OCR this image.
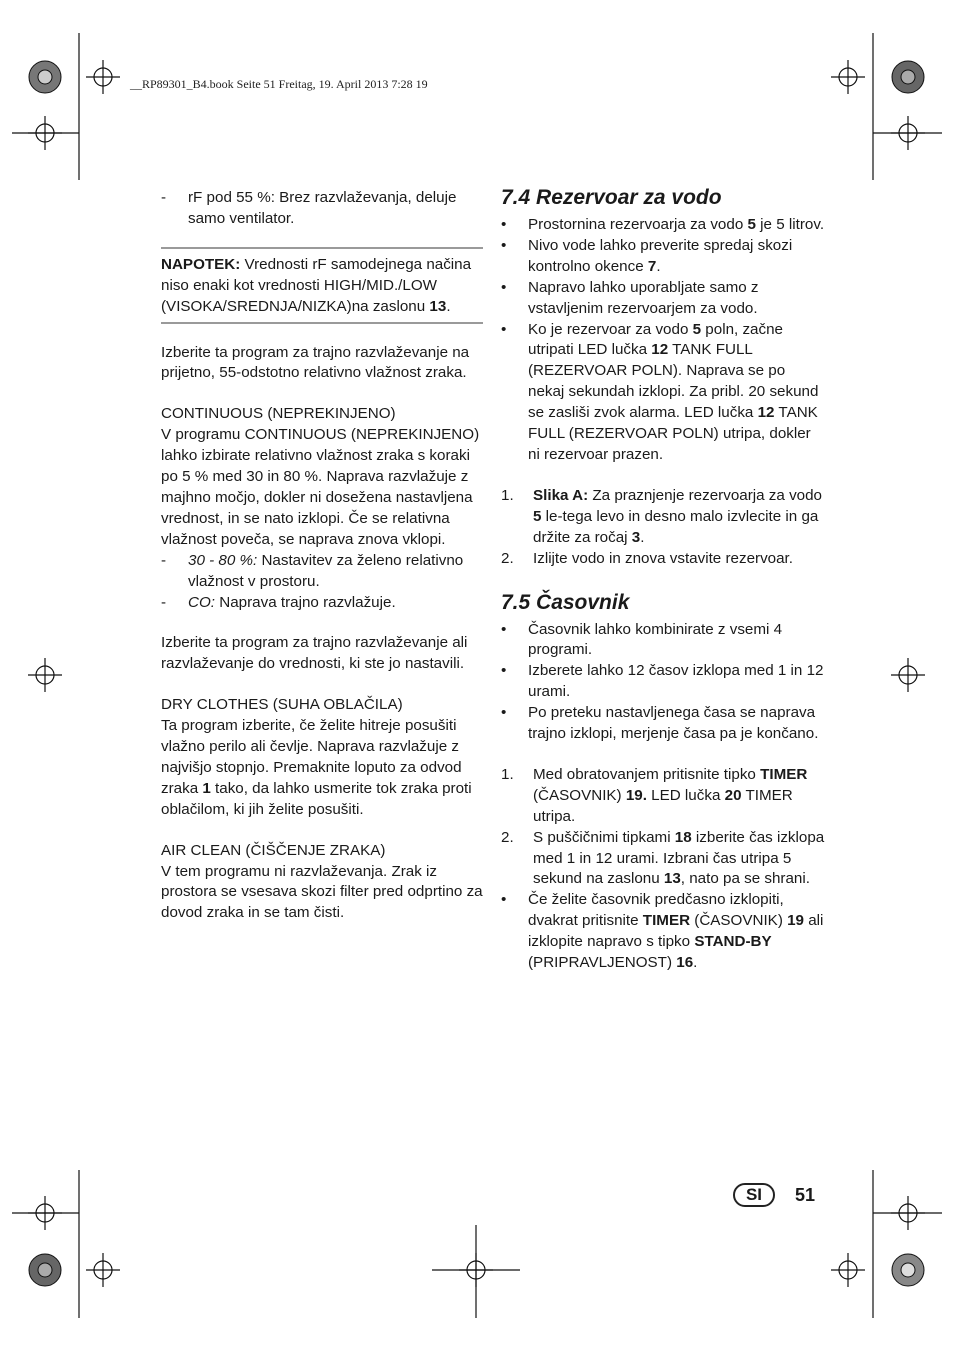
__RP89301_B4.book Seite 51 Freitag, 19. April 2013 7:28 19

- rF pod 55 %: Brez razvlaževanja, deluje samo ventilator.

NAPOTEK: Vrednosti rF samodejnega načina niso enaki kot vrednosti HIGH/MID./LOW (VISOKA/SREDNJA/NIZKA)na zaslonu 13.

Izberite ta program za trajno razvlaževanje na prijetno, 55-odstotno relativno vlažnost zraka.

CONTINUOUS (NEPREKINJENO)

V programu CONTINUOUS (NEPREKINJENO) lahko izbirate relativno vlažnost zraka s koraki po 5 % med 30 in 80 %. Naprava razvlažuje z majhno močjo, dokler ni dosežena nastavljena vrednost, in se nato izklopi. Če se relativna vlažnost poveča, se naprava znova vklopi.

- 30 - 80 %: Nastavitev za želeno relativno vlažnost v prostoru.

- CO: Naprava trajno razvlažuje.

Izberite ta program za trajno razvlaževanje ali razvlaževanje do vrednosti, ki ste jo nastavili.

DRY CLOTHES (SUHA OBLAČILA)

Ta program izberite, če želite hitreje posušiti vlažno perilo ali čevlje. Naprava razvlažuje z najvišjo stopnjo. Premaknite loputo za odvod zraka 1 tako, da lahko usmerite tok zraka proti oblačilom, ki jih želite posušiti.

AIR CLEAN (ČIŠČENJE ZRAKA)

V tem programu ni razvlaževanja. Zrak iz prostora se vsesava skozi filter pred odprtino za dovod zraka in se tam čisti.

7.4 Rezervoar za vodo

• Prostornina rezervoarja za vodo 5 je 5 litrov.

• Nivo vode lahko preverite spredaj skozi kontrolno okence 7.

• Napravo lahko uporabljate samo z vstavljenim rezervoarjem za vodo.

• Ko je rezervoar za vodo 5 poln, začne utripati LED lučka 12 TANK FULL (REZERVOAR POLN). Naprava se po nekaj sekundah izklopi. Za pribl. 20 sekund se zasliši zvok alarma. LED lučka 12 TANK FULL (REZERVOAR POLN) utripa, dokler ni rezervoar prazen.

1. Slika A: Za praznjenje rezervoarja za vodo 5 le-tega levo in desno malo izvlecite in ga držite za ročaj 3.

2. Izlijte vodo in znova vstavite rezervoar.

7.5 Časovnik

• Časovnik lahko kombinirate z vsemi 4 programi.

• Izberete lahko 12 časov izklopa med 1 in 12 urami.

• Po preteku nastavljenega časa se naprava trajno izklopi, merjenje časa pa je končano.

1. Med obratovanjem pritisnite tipko TIMER (ČASOVNIK) 19. LED lučka 20 TIMER utripa.

2. S puščičnimi tipkami 18 izberite čas izklopa med 1 in 12 urami. Izbrani čas utripa 5 sekund na zaslonu 13, nato pa se shrani.

• Če želite časovnik predčasno izklopiti, dvakrat pritisnite TIMER (ČASOVNIK) 19 ali izklopite napravo s tipko STAND-BY (PRIPRAVLJENOST) 16.

SI	51
